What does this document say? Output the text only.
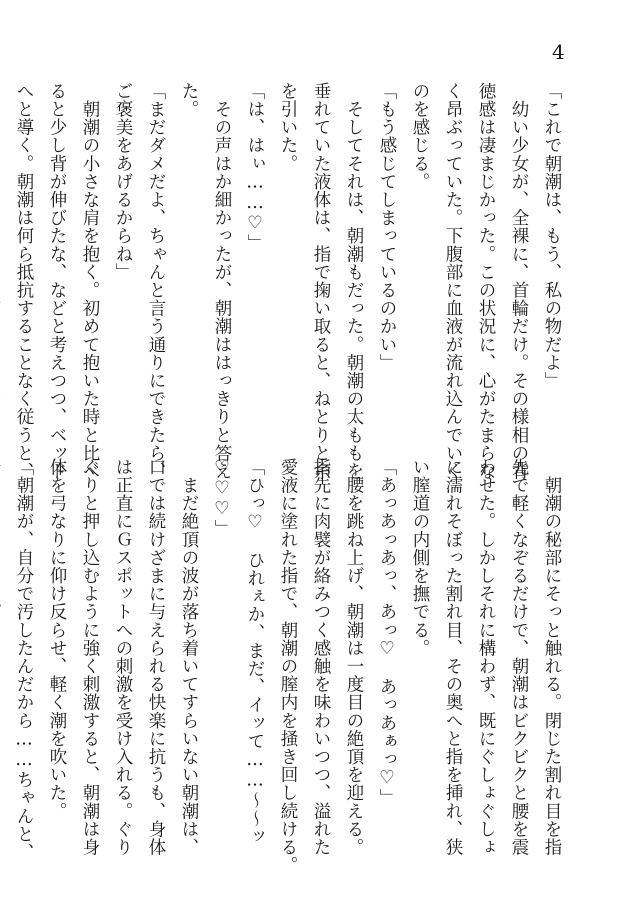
4
「これで朝潮は、もう、私の物だよ」
　幼い少女が、全裸に、首輪だけ。その様相の背
徳感は凄まじかった。この状況に、心がたまらな
く昂ぶっていた。下腹部に血液が流れ込んでいく
のを感じる。
「もう感じてしまっているのかい」
　そしてそれは、朝潮もだった。朝潮の太ももを
垂れていた液体は、指で掬い取ると、ねとりと糸
を引いた。
「は、はぃ……♡」
　その声はか細かったが、朝潮ははっきりと答え
た。
「まだダメだよ、ちゃんと言う通りにできたら、
ご褒美をあげるからね」
　朝潮の小さな肩を抱く。初めて抱いた時と比べ
ると少し背が伸びたな、などと考えつつ、ベッド
へと導く。朝潮は何ら抵抗することなく従うと、
　朝潮の秘部にそっと触れる。閉じた割れ目を指
先で軽くなぞるだけで、朝潮はビクビクと腰を震
わせた。しかしそれに構わず、既にぐしょぐしょ
に濡れそぼった割れ目、その奥へと指を挿れ、狭
い膣道の内側を撫でる。
「あっあっあっ、あっ♡　あっあぁっ♡」
　腰を跳ね上げ、朝潮は一度目の絶頂を迎える。
指先に肉襞が絡みつく感触を味わいつつ、溢れた
愛液に塗れた指で、朝潮の膣内を掻き回し続ける。
「ひっ♡　ひれぇか、まだ、イッて……～～ッ
♡♡♡」
　まだ絶頂の波が落ち着いてすらいない朝潮は、
口では続けざまに与えられる快楽に抗うも、身体
は正直にＧスポットへの刺激を受け入れる。ぐり
ぐりと押し込むように強く刺激すると、朝潮は身
体を弓なりに仰け反らせ、軽く潮を吹いた。
「朝潮が、自分で汚したんだから……ちゃんと、
